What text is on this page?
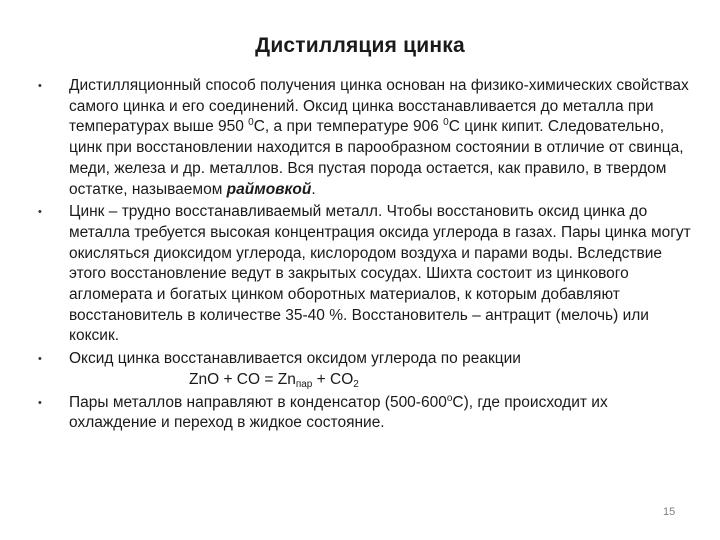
Дистилляция цинка
• Дистилляционный способ получения цинка основан на физико-химических свойствах самого цинка и его соединений. Оксид цинка восстанавливается до металла при температурах выше 950 $^0$С, а при температуре 906 $^0$С цинк кипит. Следовательно, цинк при восстановлении находится в парообразном состоянии в отличие от свинца, меди, железа и др. металлов. Вся пустая порода остается, как правило, в твердом остатке, называемом раймовкой.
• Цинк – трудно восстанавливаемый металл. Чтобы восстановить оксид цинка до металла требуется высокая концентрация оксида углерода в газах. Пары цинка могут окисляться диоксидом углерода, кислородом воздуха и парами воды. Вследствие этого восстановление ведут в закрытых сосудах. Шихта состоит из цинкового агломерата и богатых цинком оборотных материалов, к которым добавляют восстановитель в количестве 35-40 %. Восстановитель – антрацит (мелочь) или коксик.
• Оксид цинка восстанавливается оксидом углерода по реакции
ZnO + CO = $Zn_{пар} + CO_2$
• Пары металлов направляют в конденсатор (500-600$^o$С), где происходит их охлаждение и переход в жидкое состояние.
15
